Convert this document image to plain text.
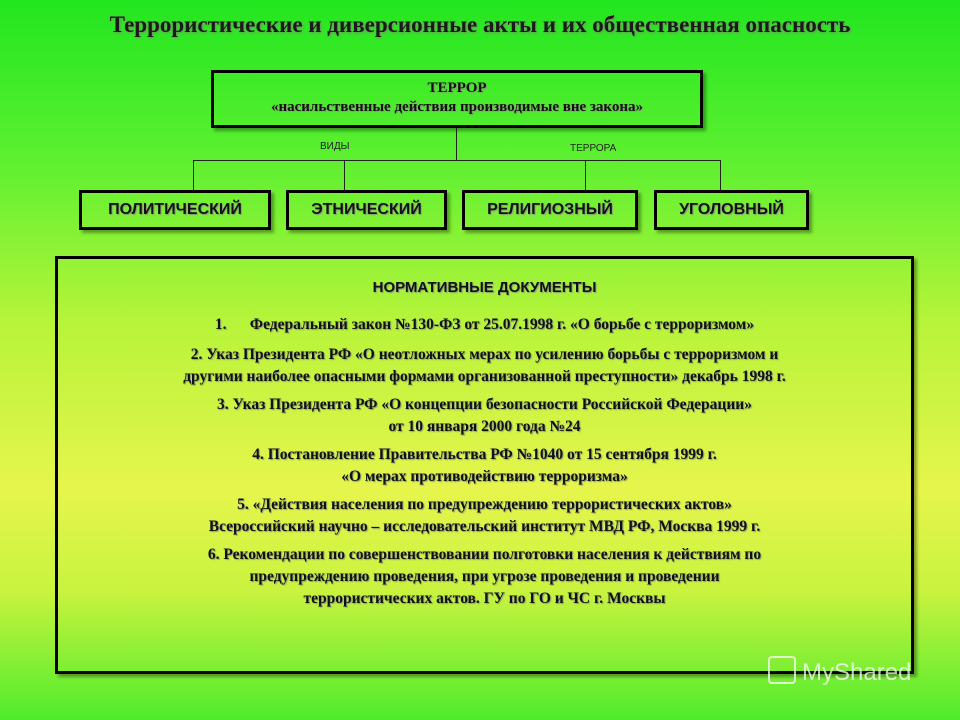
Террористические и диверсионные акты и их общественная опасность
ТЕРРОР
«насильственные действия производимые вне закона»
ВИДЫ	ТЕРРОРА
ПОЛИТИЧЕСКИЙ	ЭТНИЧЕСКИЙ	РЕЛИГИОЗНЫЙ	УГОЛОВНЫЙ
НОРМАТИВНЫЕ ДОКУМЕНТЫ
1. Федеральный закон №130-ФЗ от 25.07.1998 г. «О борьбе с терроризмом»
2. Указ Президента РФ «О неотложных мерах по усилению борьбы с терроризмом и
другими наиболее опасными формами организованной преступности» декабрь 1998 г.
3. Указ Президента РФ «О концепции безопасности Российской Федерации»
от 10 января 2000 года №24
4. Постановление Правительства РФ №1040 от 15 сентября 1999 г.
«О мерах противодействию терроризма»
5. «Действия населения по предупреждению террористических актов»
Всероссийский научно – исследовательский институт МВД РФ, Москва 1999 г.
6. Рекомендации по совершенствовании полготовки населения к действиям по
предупреждению проведения, при угрозе проведения и проведении
террористических актов. ГУ по ГО и ЧС г. Москвы
MyShared
